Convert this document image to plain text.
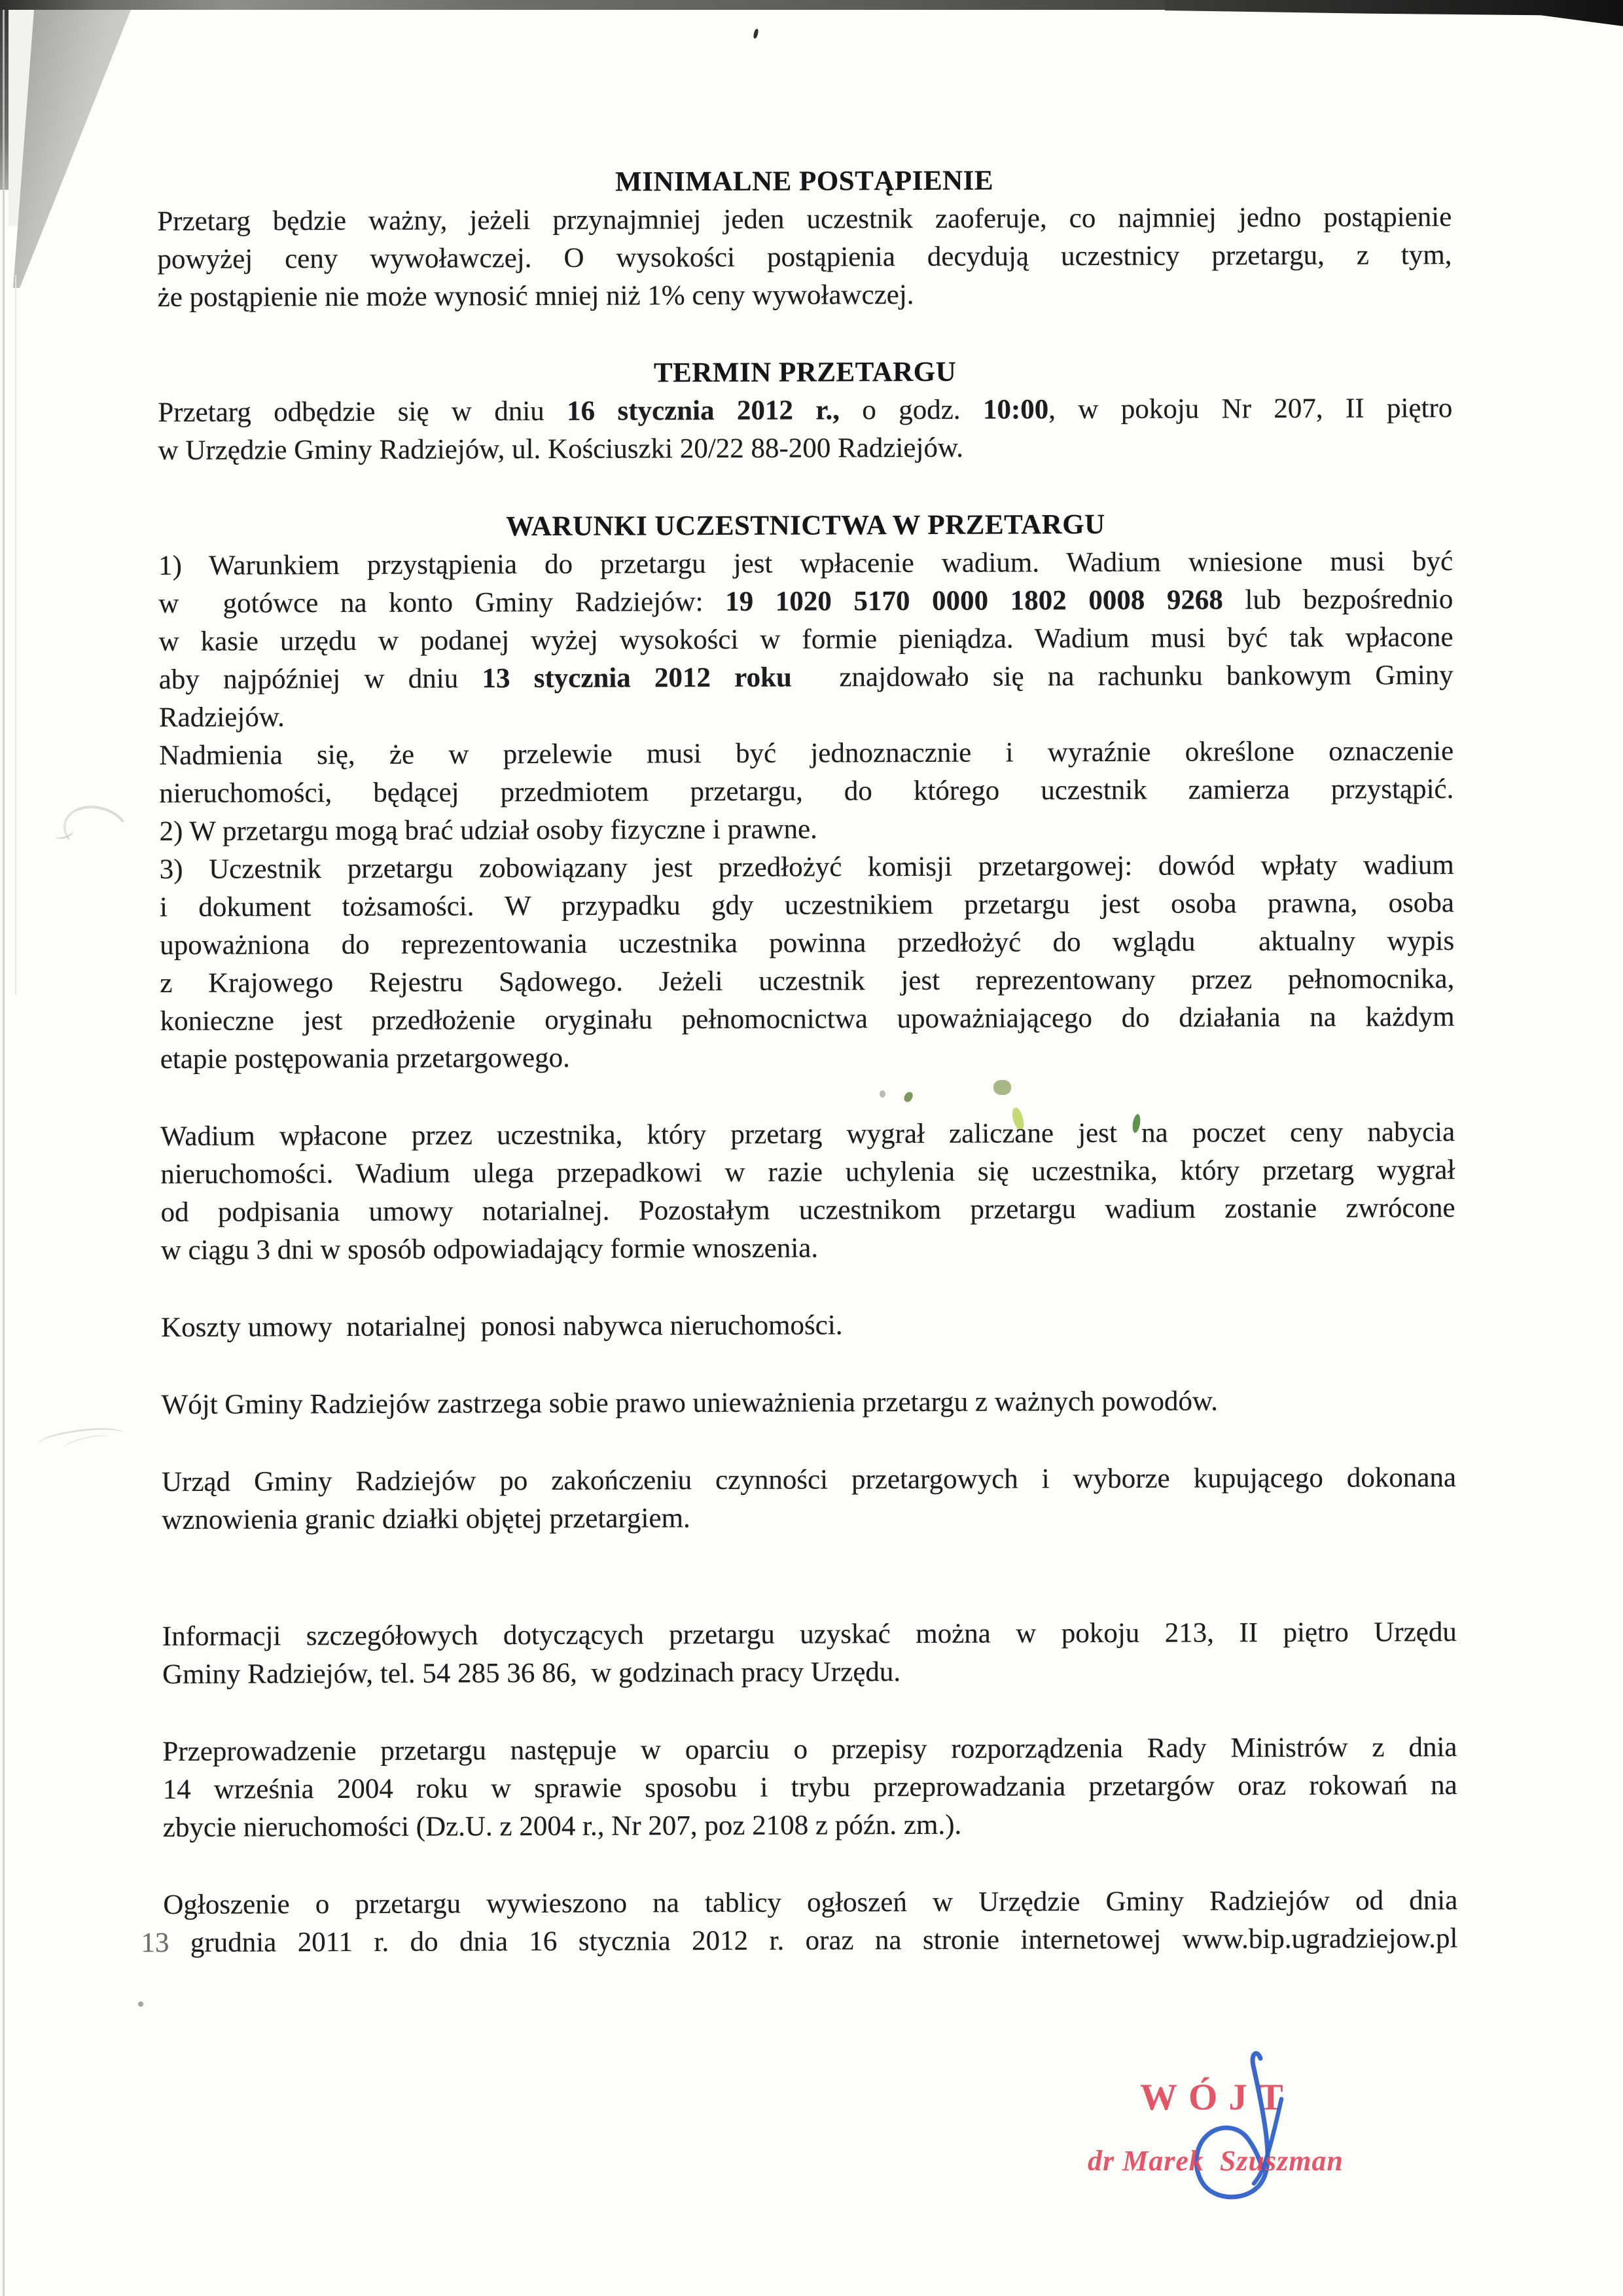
MINIMALNE POSTĄPIENIE
Przetarg będzie ważny, jeżeli przynajmniej jeden uczestnik zaoferuje, co najmniej jedno postąpienie
powyżej ceny wywoławczej. O wysokości postąpienia decydują uczestnicy przetargu, z tym,
że postąpienie nie może wynosić mniej niż 1% ceny wywoławczej.
TERMIN PRZETARGU
Przetarg odbędzie się w dniu 16 stycznia 2012 r., o godz. 10:00, w pokoju Nr 207, II piętro
w Urzędzie Gminy Radziejów, ul. Kościuszki 20/22 88-200 Radziejów.
WARUNKI UCZESTNICTWA W PRZETARGU
1) Warunkiem przystąpienia do przetargu jest wpłacenie wadium. Wadium wniesione musi być
w  gotówce na konto Gminy Radziejów: 19 1020 5170 0000 1802 0008 9268 lub bezpośrednio
w kasie urzędu w podanej wyżej wysokości w formie pieniądza. Wadium musi być tak wpłacone
aby najpóźniej w dniu 13 stycznia 2012 roku  znajdowało się na rachunku bankowym Gminy
Radziejów.
Nadmienia się, że w przelewie musi być jednoznacznie i wyraźnie określone oznaczenie
nieruchomości, będącej przedmiotem przetargu, do którego uczestnik zamierza przystąpić.
2) W przetargu mogą brać udział osoby fizyczne i prawne.
3) Uczestnik przetargu zobowiązany jest przedłożyć komisji przetargowej: dowód wpłaty wadium
i dokument tożsamości. W przypadku gdy uczestnikiem przetargu jest osoba prawna, osoba
upoważniona do reprezentowania uczestnika powinna przedłożyć do wglądu  aktualny wypis
z Krajowego Rejestru Sądowego. Jeżeli uczestnik jest reprezentowany przez pełnomocnika,
konieczne jest przedłożenie oryginału pełnomocnictwa upoważniającego do działania na każdym
etapie postępowania przetargowego.
Wadium wpłacone przez uczestnika, który przetarg wygrał zaliczane jest na poczet ceny nabycia
nieruchomości. Wadium ulega przepadkowi w razie uchylenia się uczestnika, który przetarg wygrał
od podpisania umowy notarialnej. Pozostałym uczestnikom przetargu wadium zostanie zwrócone
w ciągu 3 dni w sposób odpowiadający formie wnoszenia.
Koszty umowy  notarialnej  ponosi nabywca nieruchomości.
Wójt Gminy Radziejów zastrzega sobie prawo unieważnienia przetargu z ważnych powodów.
Urząd Gminy Radziejów po zakończeniu czynności przetargowych i wyborze kupującego dokonana
wznowienia granic działki objętej przetargiem.
Informacji szczegółowych dotyczących przetargu uzyskać można w pokoju 213, II piętro Urzędu
Gminy Radziejów, tel. 54 285 36 86,  w godzinach pracy Urzędu.
Przeprowadzenie przetargu następuje w oparciu o przepisy rozporządzenia Rady Ministrów z dnia
14 września 2004 roku w sprawie sposobu i trybu przeprowadzania przetargów oraz rokowań na
zbycie nieruchomości (Dz.U. z 2004 r., Nr 207, poz 2108 z późn. zm.).
Ogłoszenie o przetargu wywieszono na tablicy ogłoszeń w Urzędzie Gminy Radziejów od dnia
13 grudnia 2011 r. do dnia 16 stycznia 2012 r. oraz na stronie internetowej www.bip.ugradziejow.pl
WÓJT
dr Marek  Szuszman
